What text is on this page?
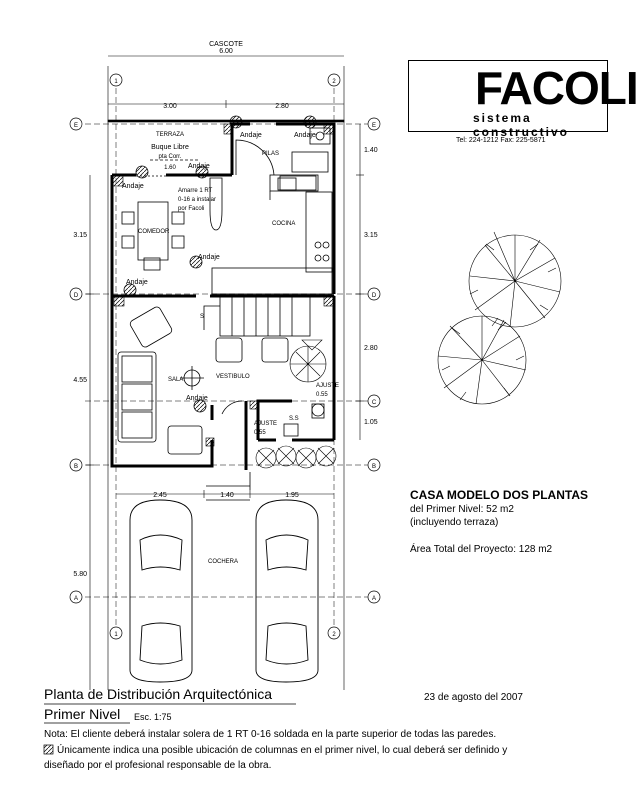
CASCOTE
6.00
3.00	2.80
3.15
4.55
5.80
1.40
3.15
2.80
1.05
2.45	1.40	1.95
1	2
1	2
E	E
D	D
C
B	B
A	A
TERRAZA
Buque Libre
pta Corr.
1.60
PILAS
COCINA
COMEDOR
SALA	VESTIBULO
S.S
COCHERA
Amarre 1 RT
0-16 a instalar
por Facoli
Andaje	Andaje
Andaje
Andaje
Andaje
Andaje
Andaje
AJUSTE
0.55
AJUSTE
0.55
S
FACOLI
sistema constructivo
Tel: 224-1212 Fax: 225-5871
CASA MODELO DOS PLANTAS
del Primer Nivel: 52 m2
(incluyendo terraza)
Área Total del Proyecto: 128 m2
Planta de Distribución Arquitectónica
Primer Nivel Esc. 1:75
23 de agosto del 2007
Nota: El cliente deberá instalar solera de 1 RT 0-16 soldada en la parte superior de todas las paredes.
Únicamente indica una posible ubicación de columnas en el primer nivel, lo cual deberá ser definido y
diseñado por el profesional responsable de la obra.
